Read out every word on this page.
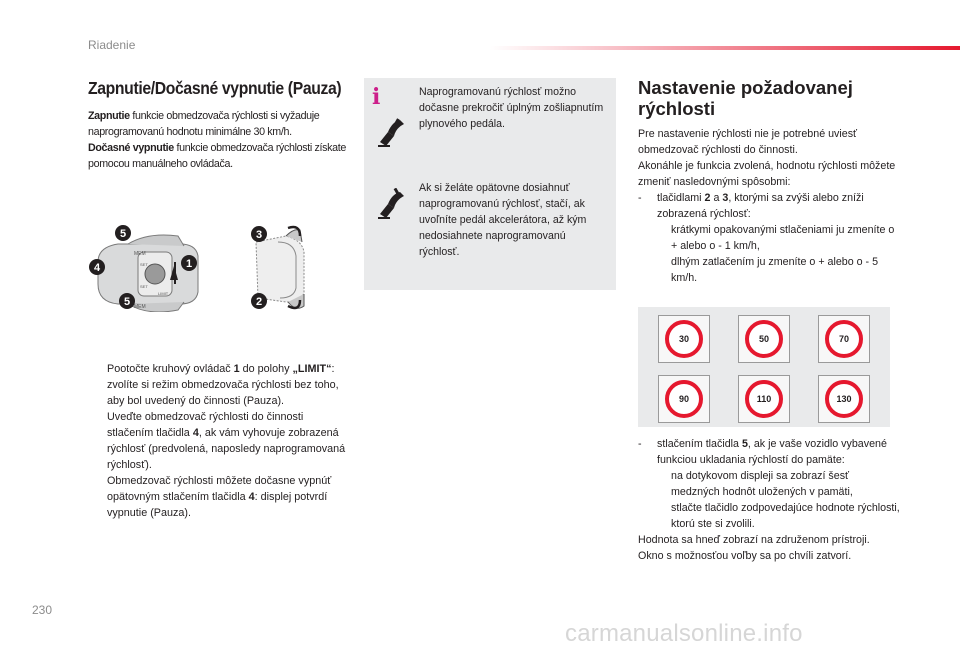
Riadenie
Zapnutie/Dočasné vypnutie (Pauza)

Zapnutie funkcie obmedzovača rýchlosti si vyžaduje naprogramovanú hodnotu minimálne 30 km/h.

Dočasné vypnutie funkcie obmedzovača rýchlosti získate pomocou manuálneho ovládača.

MEM
MEM
SET
SET
LIMIT
5
4
5
1
3
2
Pootočte kruhový ovládač 1 do polohy „LIMIT“: zvolíte si režim obmedzovača rýchlosti bez toho, aby bol uvedený do činnosti (Pauza).
Uveďte obmedzovač rýchlosti do činnosti stlačením tlačidla 4, ak vám vyhovuje zobrazená rýchlosť (predvolená, naposledy naprogramovaná rýchlosť).
Obmedzovač rýchlosti môžete dočasne vypnúť opätovným stlačením tlačidla 4: displej potvrdí vypnutie (Pauza).
i	Naprogramovanú rýchlosť možno dočasne prekročiť úplným zošliapnutím plynového pedála.
Ak si želáte opätovne dosiahnuť naprogramovanú rýchlosť, stačí, ak uvoľníte pedál akcelerátora, až kým nedosiahnete naprogramovanú rýchlosť.
Nastavenie požadovanej rýchlosti

Pre nastavenie rýchlosti nie je potrebné uviesť obmedzovač rýchlosti do činnosti.

Akonáhle je funkcia zvolená, hodnotu rýchlosti môžete zmeniť nasledovnými spôsobmi:

-	tlačidlami 2 a 3, ktorými sa zvýši alebo zníži zobrazená rýchlosť:
krátkymi opakovanými stlačeniami ju zmeníte o + alebo o - 1 km/h,
dlhým zatlačením ju zmeníte o + alebo o - 5 km/h.
30	50	70
90	110	130
-	stlačením tlačidla 5, ak je vaše vozidlo vybavené funkciou ukladania rýchlostí do pamäte:
na dotykovom displeji sa zobrazí šesť medzných hodnôt uložených v pamäti,
stlačte tlačidlo zodpovedajúce hodnote rýchlosti, ktorú ste si zvolili.

Hodnota sa hneď zobrazí na združenom prístroji.

Okno s možnosťou voľby sa po chvíli zatvorí.

230
carmanualsonline.info
